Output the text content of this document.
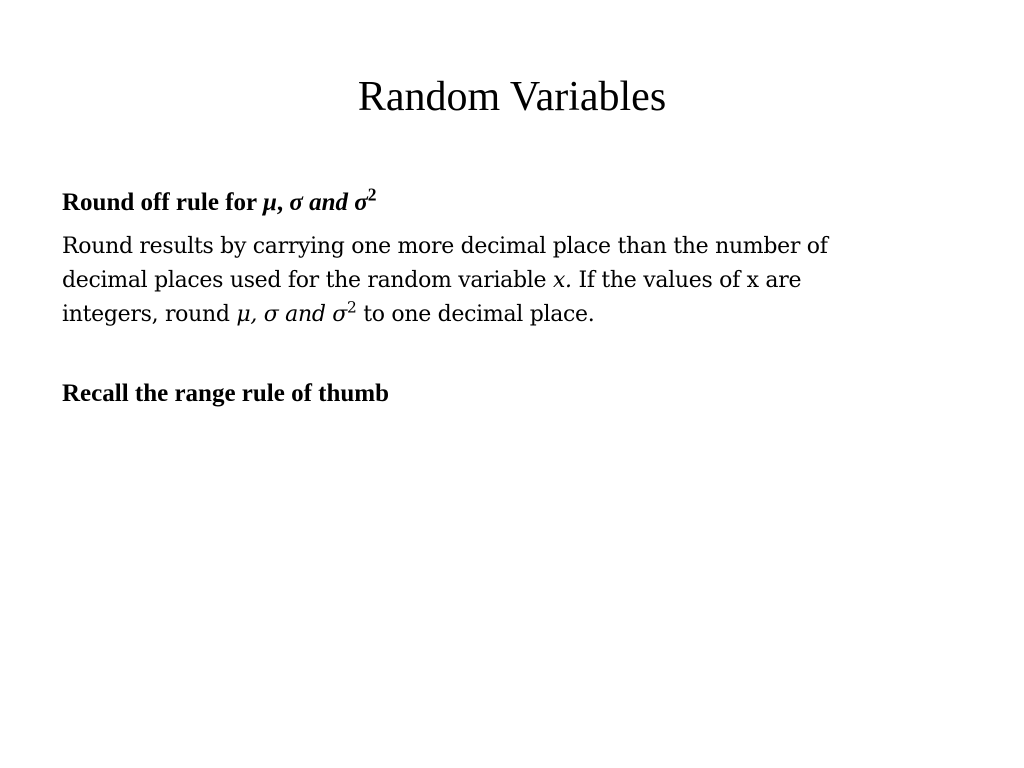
Random Variables

Round off rule for μ, σ and $\sigma^2$

Round results by carrying one more decimal place than the number of
decimal places used for the random variable x. If the values of x are
integers, round μ, σ and $\sigma^2$ to one decimal place.

Recall the range rule of thumb
